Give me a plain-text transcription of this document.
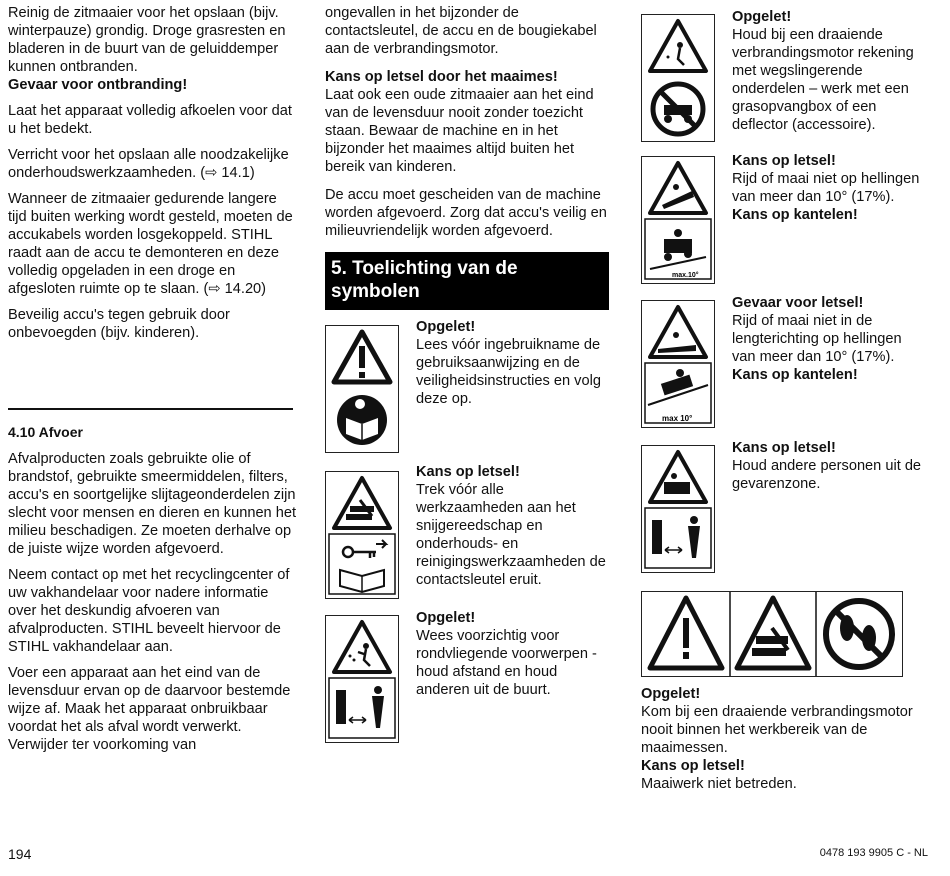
Reinig de zitmaaier voor het opslaan (bijv. winterpauze) grondig. Droge grasresten en bladeren in de buurt van de geluiddemper kunnen ontbranden.
Gevaar voor ontbranding!

Laat het apparaat volledig afkoelen voor dat u het bedekt.

Verricht voor het opslaan alle noodzakelijke onderhoudswerkzaamheden. (⇨ 14.1)

Wanneer de zitmaaier gedurende langere tijd buiten werking wordt gesteld, moeten de accukabels worden losgekoppeld. STIHL raadt aan de accu te demonteren en deze volledig opgeladen in een droge en afgesloten ruimte op te slaan. (⇨ 14.20)

Beveilig accu's tegen gebruik door onbevoegden (bijv. kinderen).

4.10 Afvoer

Afvalproducten zoals gebruikte olie of brandstof, gebruikte smeermiddelen, filters, accu's en soortgelijke slijtageonderdelen zijn slecht voor mensen en dieren en kunnen het milieu beschadigen. Ze moeten derhalve op de juiste wijze worden afgevoerd.

Neem contact op met het recyclingcenter of uw vakhandelaar voor nadere informatie over het deskundig afvoeren van afvalproducten. STIHL beveelt hiervoor de STIHL vakhandelaar aan.

Voer een apparaat aan het eind van de levensduur ervan op de daarvoor bestemde wijze af. Maak het apparaat onbruikbaar voordat het als afval wordt verwerkt. Verwijder ter voorkoming van

ongevallen in het bijzonder de contactsleutel, de accu en de bougiekabel aan de verbrandingsmotor.

Kans op letsel door het maaimes!
Laat ook een oude zitmaaier aan het eind van de levensduur nooit zonder toezicht staan. Bewaar de machine en in het bijzonder het maaimes altijd buiten het bereik van kinderen.

De accu moet gescheiden van de machine worden afgevoerd. Zorg dat accu's veilig en milieuvriendelijk worden afgevoerd.

5. Toelichting van de symbolen
Opgelet!
Lees vóór ingebruikname de gebruiksaanwijzing en de veiligheidsinstructies en volg deze op.
Kans op letsel!
Trek vóór alle werkzaamheden aan het snijgereedschap en onderhouds- en reinigingswerkzaamheden de contactsleutel eruit.
Opgelet!
Wees voorzichtig voor rondvliegende voorwerpen - houd afstand en houd anderen uit de buurt.
Opgelet!
Houd bij een draaiende verbrandingsmotor rekening met wegslingerende onderdelen – werk met een grasopvangbox of een deflector (accessoire).
max.10°
Kans op letsel!
Rijd of maai niet op hellingen van meer dan 10° (17%).
Kans op kantelen!
max 10°
Gevaar voor letsel!
Rijd of maai niet in de lengterichting op hellingen van meer dan 10° (17%).
Kans op kantelen!
Kans op letsel!
Houd andere personen uit de gevarenzone.
Opgelet!
Kom bij een draaiende verbrandingsmotor nooit binnen het werkbereik van de maaimessen.
Kans op letsel!
Maaiwerk niet betreden.
194	0478 193 9905 C - NL
